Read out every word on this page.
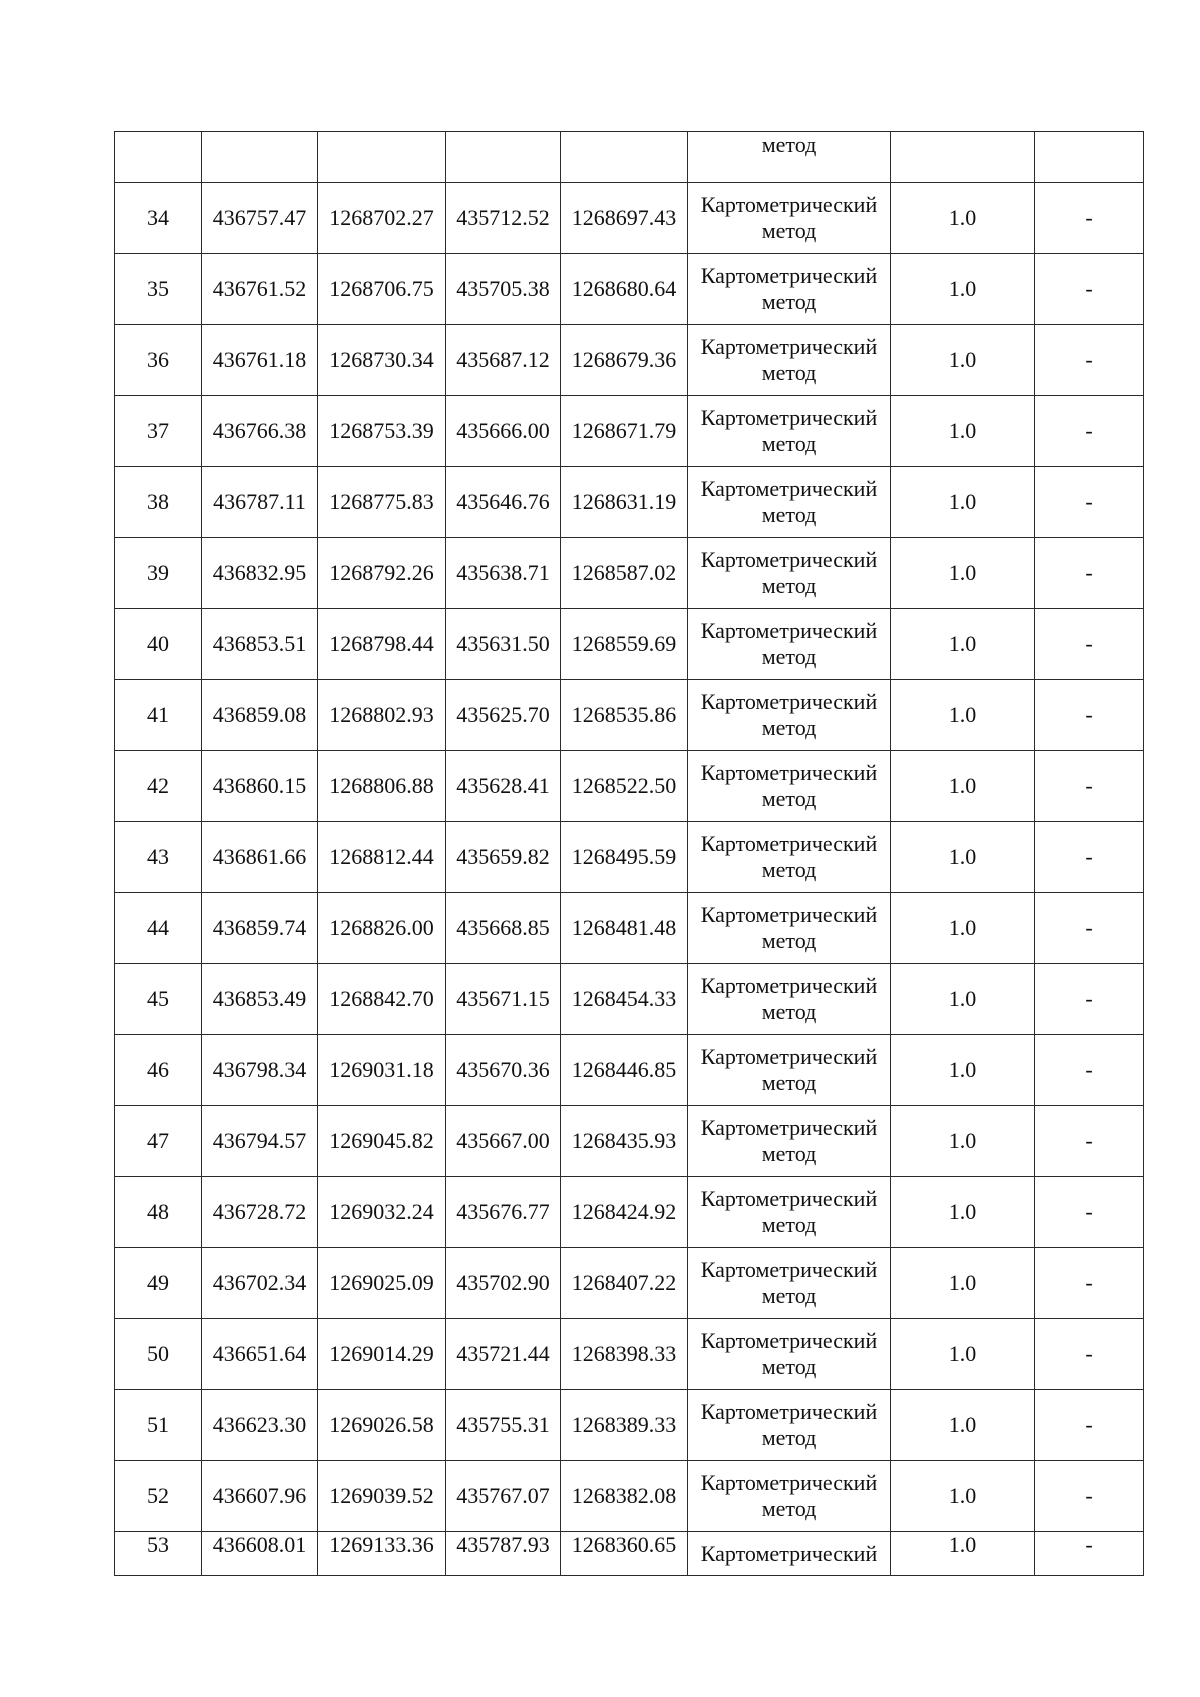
					метод		

34	436757.47	1268702.27	435712.52	1268697.43	Картометрический
метод	1.0	-
35	436761.52	1268706.75	435705.38	1268680.64	Картометрический
метод	1.0	-
36	436761.18	1268730.34	435687.12	1268679.36	Картометрический
метод	1.0	-
37	436766.38	1268753.39	435666.00	1268671.79	Картометрический
метод	1.0	-
38	436787.11	1268775.83	435646.76	1268631.19	Картометрический
метод	1.0	-
39	436832.95	1268792.26	435638.71	1268587.02	Картометрический
метод	1.0	-
40	436853.51	1268798.44	435631.50	1268559.69	Картометрический
метод	1.0	-
41	436859.08	1268802.93	435625.70	1268535.86	Картометрический
метод	1.0	-
42	436860.15	1268806.88	435628.41	1268522.50	Картометрический
метод	1.0	-
43	436861.66	1268812.44	435659.82	1268495.59	Картометрический
метод	1.0	-
44	436859.74	1268826.00	435668.85	1268481.48	Картометрический
метод	1.0	-
45	436853.49	1268842.70	435671.15	1268454.33	Картометрический
метод	1.0	-
46	436798.34	1269031.18	435670.36	1268446.85	Картометрический
метод	1.0	-
47	436794.57	1269045.82	435667.00	1268435.93	Картометрический
метод	1.0	-
48	436728.72	1269032.24	435676.77	1268424.92	Картометрический
метод	1.0	-
49	436702.34	1269025.09	435702.90	1268407.22	Картометрический
метод	1.0	-
50	436651.64	1269014.29	435721.44	1268398.33	Картометрический
метод	1.0	-
51	436623.30	1269026.58	435755.31	1268389.33	Картометрический
метод	1.0	-
52	436607.96	1269039.52	435767.07	1268382.08	Картометрический
метод	1.0	-
53	436608.01	1269133.36	435787.93	1268360.65	Картометрический	1.0	-
